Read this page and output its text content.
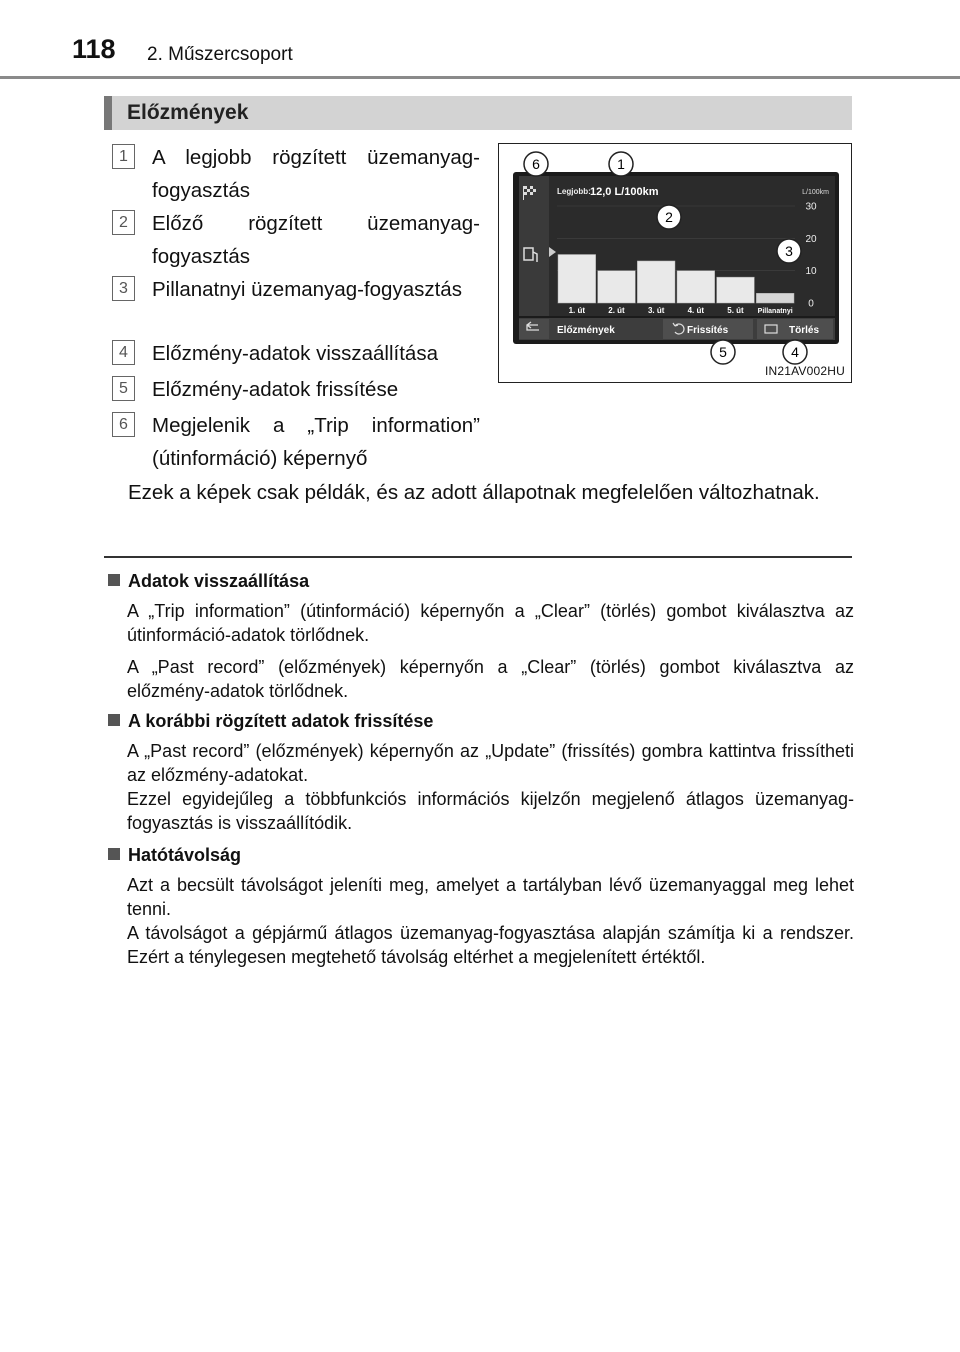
118 2. Műszercsoport
Előzmények
1	A legjobb rögzített üzemanyag-fogyasztás
2	Előző rögzített üzemanyag-fogyasztás
3	Pillanatnyi üzemanyag-fogyasztás
4	Előzmény-adatok visszaállítása
5	Előzmény-adatok frissítése
6	Megjelenik a „Trip information” (útinformáció) képernyő
Legjobb: 12,0 L/100km	L/100km
0
10
20
30
1. út	2. út	3. út	4. út	5. út Pillanatnyi
Előzmények	Frissítés	Törlés
6	1
2
3
5	4
IN21AV002HU
Ezek a képek csak példák, és az adott állapotnak megfelelően változhatnak.
Adatok visszaállítása

A „Trip information” (útinformáció) képernyőn a „Clear” (törlés) gombot kiválasztva az útinformáció-adatok törlődnek.

A „Past record” (előzmények) képernyőn a „Clear” (törlés) gombot kiválasztva az előzmény-adatok törlődnek.

A korábbi rögzített adatok frissítése

A „Past record” (előzmények) képernyőn az „Update” (frissítés) gombra kattintva frissítheti az előzmény-adatokat.

Ezzel egyidejűleg a többfunkciós információs kijelzőn megjelenő átlagos üzemanyag-fogyasztás is visszaállítódik.

Hatótávolság

Azt a becsült távolságot jeleníti meg, amelyet a tartályban lévő üzemanyaggal meg lehet tenni.

A távolságot a gépjármű átlagos üzemanyag-fogyasztása alapján számítja ki a rendszer. Ezért a ténylegesen megtehető távolság eltérhet a megjelenített értéktől.
